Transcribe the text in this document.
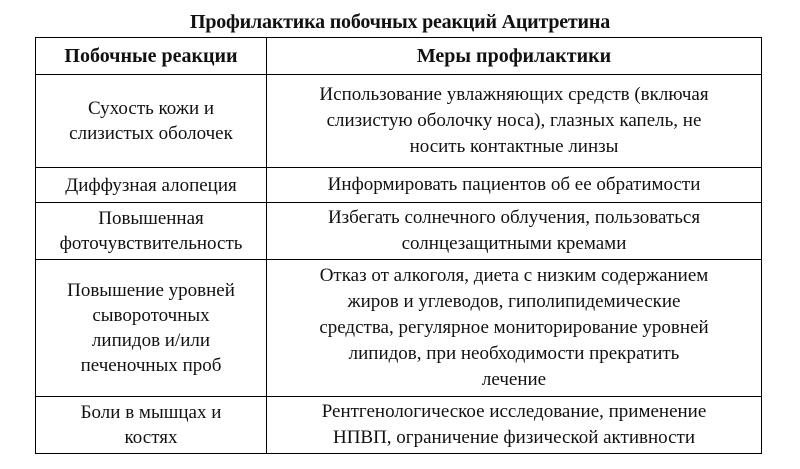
Профилактика побочных реакций Ацитретина
Побочные реакции	Меры профилактики
Сухость кожи и
слизистых оболочек
Использование увлажняющих средств (включая
слизистую оболочку носа), глазных капель, не
носить контактные линзы
Диффузная алопеция	Информировать пациентов об ее обратимости
Повышенная
фоточувствительность
Избегать солнечного облучения, пользоваться
солнцезащитными кремами
Повышение уровней
сывороточных
липидов и/или
печеночных проб
Отказ от алкоголя, диета с низким содержанием
жиров и углеводов, гиполипидемические
средства, регулярное мониторирование уровней
липидов, при необходимости прекратить
лечение
Боли в мышцах и
костях
Рентгенологическое исследование, применение
НПВП, ограничение физической активности
